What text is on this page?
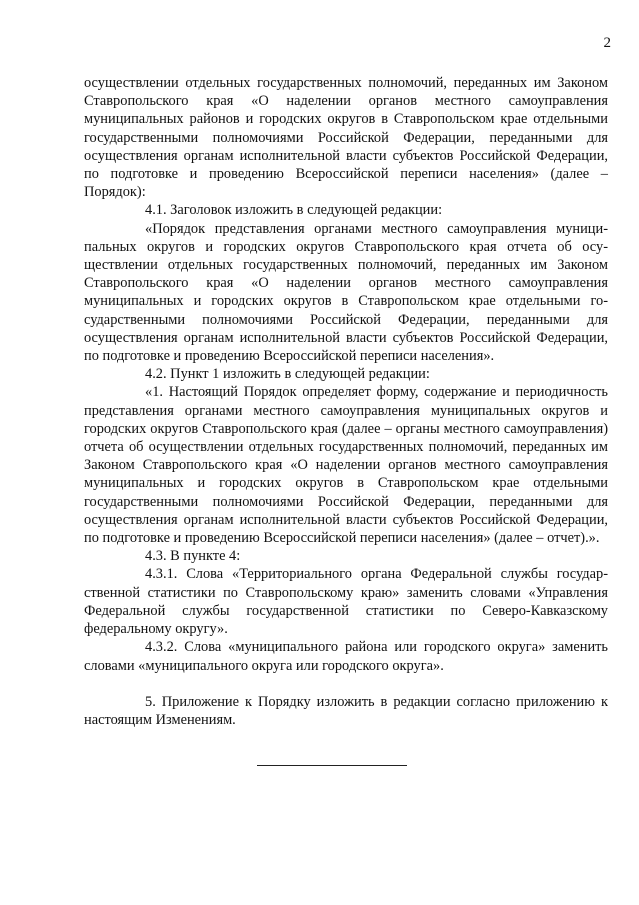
2

осуществлении отдельных государственных полномочий, переданных им Законом Ставропольского края «О наделении органов местного самоуправления муниципальных районов и городских округов в Ставропольском крае отдельными государственными полномочиями Российской Федерации, переданными для осуществления органам исполнительной власти субъектов Российской Федерации, по подготовке и проведению Всероссийской переписи населения» (далее – Порядок):

4.1. Заголовок изложить в следующей редакции:

«Порядок представления органами местного самоуправления муниципальных округов и городских округов Ставропольского края отчета об осуществлении отдельных государственных полномочий, переданных им Законом Ставропольского края «О наделении органов местного самоуправления муниципальных и городских округов в Ставропольском крае отдельными государственными полномочиями Российской Федерации, переданными для осуществления органам исполнительной власти субъектов Российской Федерации, по подготовке и проведению Всероссийской переписи населения».

4.2. Пункт 1 изложить в следующей редакции:

«1. Настоящий Порядок определяет форму, содержание и периодичность представления органами местного самоуправления муниципальных округов и городских округов Ставропольского края (далее – органы местного самоуправления) отчета об осуществлении отдельных государственных полномочий, переданных им Законом Ставропольского края «О наделении органов местного самоуправления муниципальных и городских округов в Ставропольском крае отдельными государственными полномочиями Российской Федерации, переданными для осуществления органам исполнительной власти субъектов Российской Федерации, по подготовке и проведению Всероссийской переписи населения» (далее – отчет).».

4.3. В пункте 4:

4.3.1. Слова «Территориального органа Федеральной службы государственной статистики по Ставропольскому краю» заменить словами «Управления Федеральной службы государственной статистики по Северо-Кавказскому федеральному округу».

4.3.2. Слова «муниципального района или городского округа» заменить словами «муниципального округа или городского округа».

5. Приложение к Порядку изложить в редакции согласно приложению к настоящим Изменениям.
